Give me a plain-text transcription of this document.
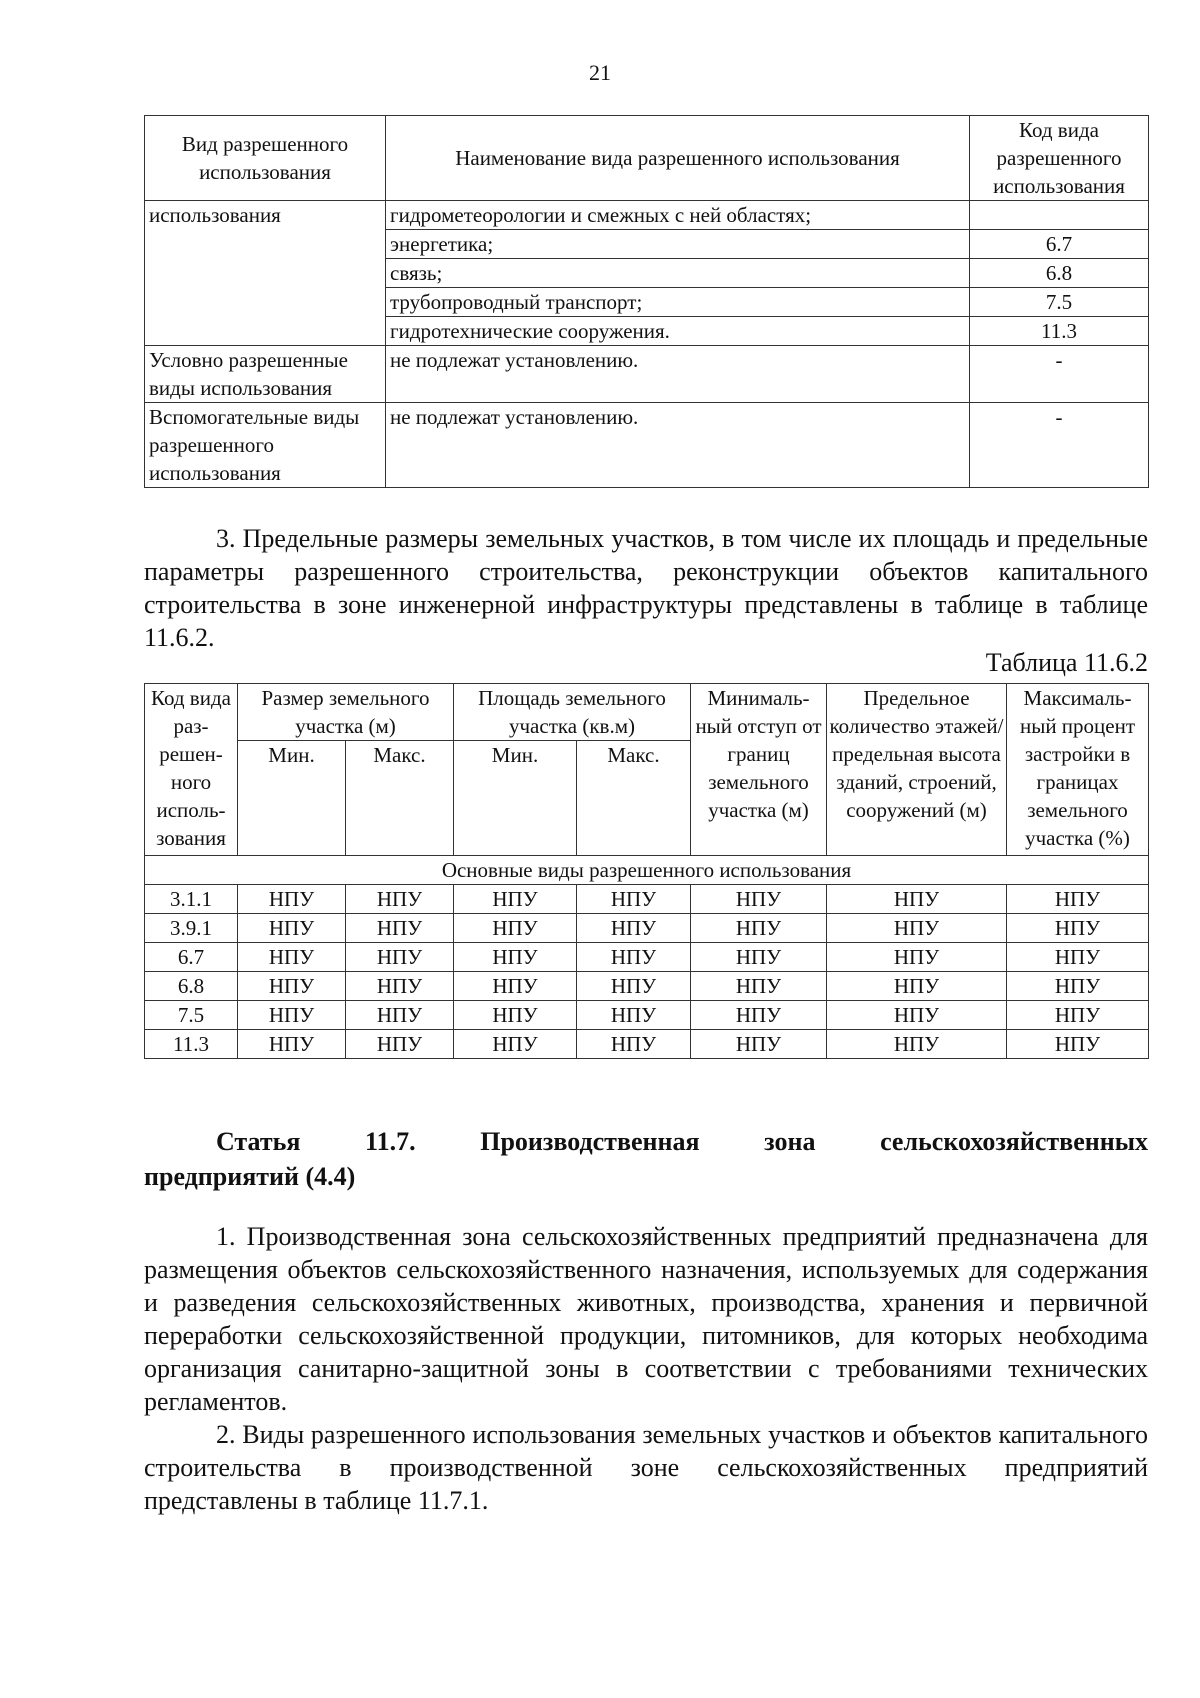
21
Вид разрешенного использования	Наименование вида разрешенного использования	Код вида разрешенного использования
использования	гидрометеорологии и смежных с ней областях;	
	энергетика;	6.7
	связь;	6.8
	трубопроводный транспорт;	7.5
	гидротехнические сооружения.	11.3
Условно разрешенные виды использования	не подлежат установлению.	-
Вспомогательные виды разрешенного использования	не подлежат установлению.	-

3. Предельные размеры земельных участков, в том числе их площадь и предельные параметры разрешенного строительства, реконструкции объектов капитального строительства в зоне инженерной инфраструктуры представлены в таблице в таблице 11.6.2.

Таблица 11.6.2
Код вида раз-решен-ного исполь-зования	Размер земельного участка (м)		Площадь земельного участка (кв.м)		Минималь-ный отступ от границ земельного участка (м)	Предельное количество этажей/ предельная высота зданий, строений, сооружений (м)	Максималь-ный процент застройки в границах земельного участка (%)
	Мин.	Макс.	Мин.	Макс.			
Основные виды разрешенного использования							
3.1.1	НПУ	НПУ	НПУ	НПУ	НПУ	НПУ	НПУ
3.9.1	НПУ	НПУ	НПУ	НПУ	НПУ	НПУ	НПУ
6.7	НПУ	НПУ	НПУ	НПУ	НПУ	НПУ	НПУ
6.8	НПУ	НПУ	НПУ	НПУ	НПУ	НПУ	НПУ
7.5	НПУ	НПУ	НПУ	НПУ	НПУ	НПУ	НПУ
11.3	НПУ	НПУ	НПУ	НПУ	НПУ	НПУ	НПУ

Статья 11.7. Производственная зона сельскохозяйственных

предприятий (4.4)

1. Производственная зона сельскохозяйственных предприятий предназначена для размещения объектов сельскохозяйственного назначения, используемых для содержания и разведения сельскохозяйственных животных, производства, хранения и первичной переработки сельскохозяйственной продукции, питомников, для которых необходима организация санитарно-защитной зоны в соответствии с требованиями технических регламентов.

2. Виды разрешенного использования земельных участков и объектов капитального строительства в производственной зоне сельскохозяйственных предприятий представлены в таблице 11.7.1.
